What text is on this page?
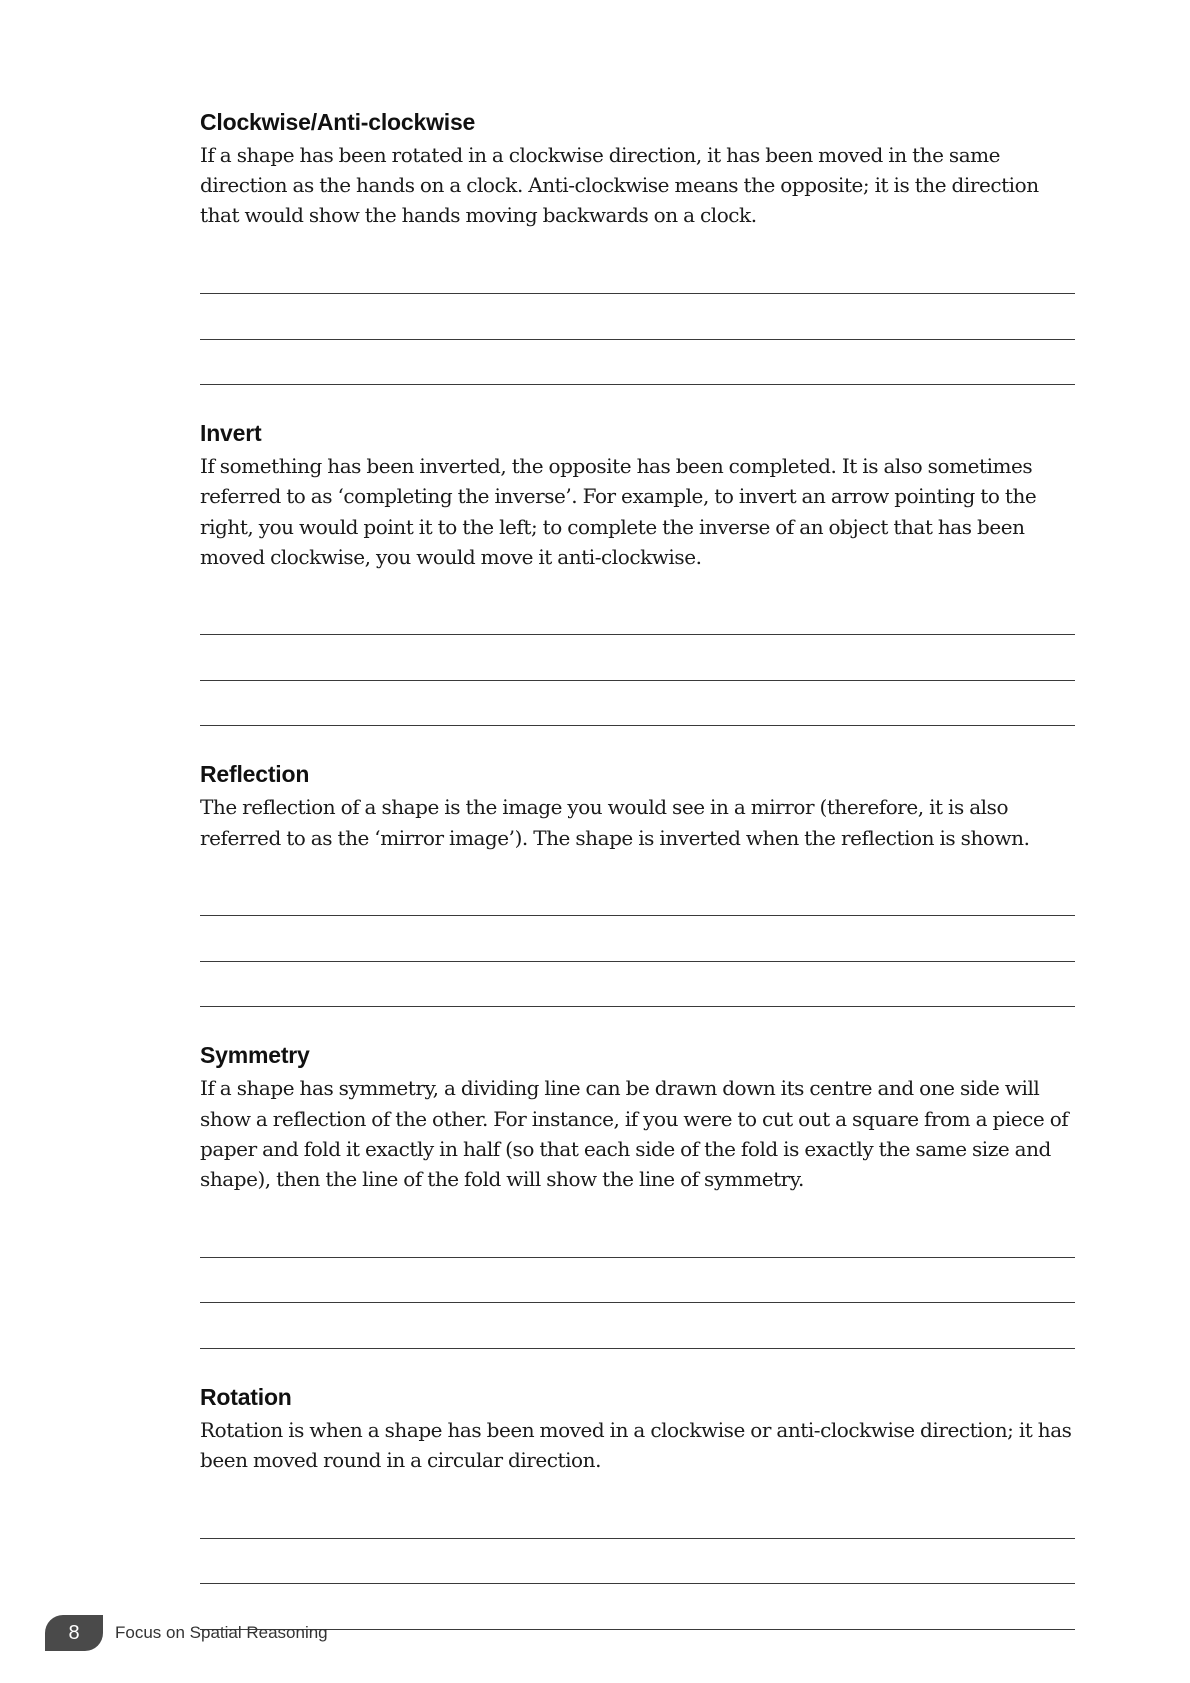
Clockwise/Anti-clockwise

If a shape has been rotated in a clockwise direction, it has been moved in the same direction as the hands on a clock. Anti-clockwise means the opposite; it is the direction that would show the hands moving backwards on a clock.

Invert

If something has been inverted, the opposite has been completed. It is also sometimes referred to as ‘completing the inverse’. For example, to invert an arrow pointing to the right, you would point it to the left; to complete the inverse of an object that has been moved clockwise, you would move it anti-clockwise.

Reflection

The reflection of a shape is the image you would see in a mirror (therefore, it is also referred to as the ‘mirror image’). The shape is inverted when the reflection is shown.

Symmetry

If a shape has symmetry, a dividing line can be drawn down its centre and one side will show a reflection of the other. For instance, if you were to cut out a square from a piece of paper and fold it exactly in half (so that each side of the fold is exactly the same size and shape), then the line of the fold will show the line of symmetry.

Rotation

Rotation is when a shape has been moved in a clockwise or anti-clockwise direction; it has been moved round in a circular direction.

8	Focus on Spatial Reasoning
